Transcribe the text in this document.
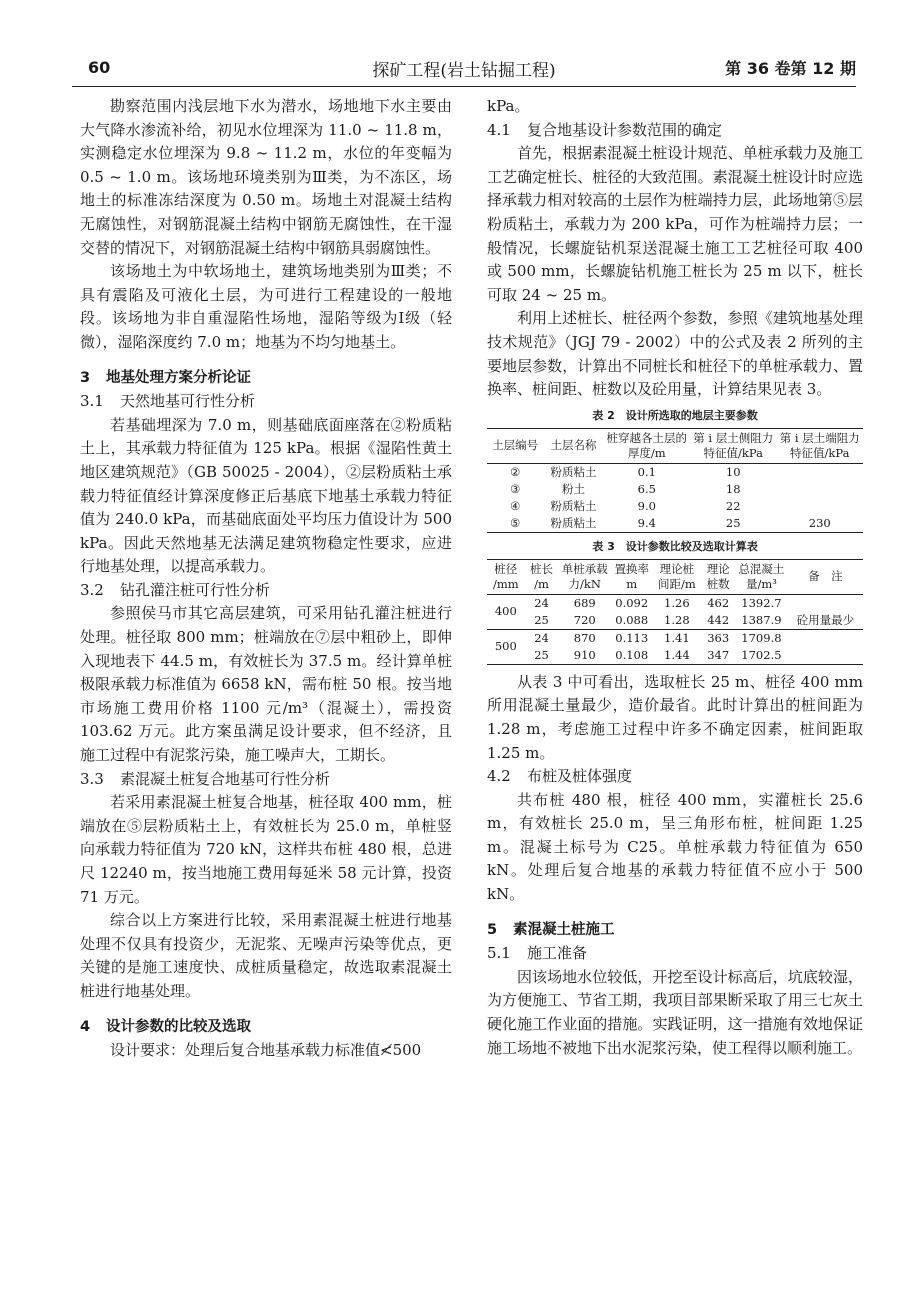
60	探矿工程(岩土钻掘工程)	第 36 卷第 12 期

勘察范围内浅层地下水为潜水，场地地下水主要由大气降水渗流补给，初见水位埋深为 11.0 ~ 11.8 m，实测稳定水位埋深为 9.8 ~ 11.2 m，水位的年变幅为 0.5 ~ 1.0 m。该场地环境类别为Ⅲ类，为不冻区，场地土的标准冻结深度为 0.50 m。场地土对混凝土结构无腐蚀性，对钢筋混凝土结构中钢筋无腐蚀性，在干湿交替的情况下，对钢筋混凝土结构中钢筋具弱腐蚀性。

该场地土为中软场地土，建筑场地类别为Ⅲ类；不具有震陷及可液化土层，为可进行工程建设的一般地段。该场地为非自重湿陷性场地，湿陷等级为Ⅰ级（轻微），湿陷深度约 7.0 m；地基为不均匀地基土。

3 地基处理方案分析论证

3.1 天然地基可行性分析

若基础埋深为 7.0 m，则基础底面座落在②粉质粘土上，其承载力特征值为 125 kPa。根据《湿陷性黄土地区建筑规范》（GB 50025 - 2004），②层粉质粘土承载力特征值经计算深度修正后基底下地基土承载力特征值为 240.0 kPa，而基础底面处平均压力值设计为 500 kPa。因此天然地基无法满足建筑物稳定性要求，应进行地基处理，以提高承载力。

3.2 钻孔灌注桩可行性分析

参照侯马市其它高层建筑，可采用钻孔灌注桩进行处理。桩径取 800 mm；桩端放在⑦层中粗砂上，即伸入现地表下 44.5 m，有效桩长为 37.5 m。经计算单桩极限承载力标准值为 6658 kN，需布桩 50 根。按当地市场施工费用价格 1100 元/m³（混凝土），需投资 103.62 万元。此方案虽满足设计要求，但不经济，且施工过程中有泥浆污染，施工噪声大，工期长。

3.3 素混凝土桩复合地基可行性分析

若采用素混凝土桩复合地基，桩径取 400 mm，桩端放在⑤层粉质粘土上，有效桩长为 25.0 m，单桩竖向承载力特征值为 720 kN，这样共布桩 480 根，总进尺 12240 m，按当地施工费用每延米 58 元计算，投资 71 万元。

综合以上方案进行比较，采用素混凝土桩进行地基处理不仅具有投资少，无泥浆、无噪声污染等优点，更关键的是施工速度快、成桩质量稳定，故选取素混凝土桩进行地基处理。

4 设计参数的比较及选取

设计要求：处理后复合地基承载力标准值≮500

kPa。

4.1 复合地基设计参数范围的确定

首先，根据素混凝土桩设计规范、单桩承载力及施工工艺确定桩长、桩径的大致范围。素混凝土桩设计时应选择承载力相对较高的土层作为桩端持力层，此场地第⑤层粉质粘土，承载力为 200 kPa，可作为桩端持力层；一般情况，长螺旋钻机泵送混凝土施工工艺桩径可取 400 或 500 mm，长螺旋钻机施工桩长为 25 m 以下，桩长可取 24 ~ 25 m。

利用上述桩长、桩径两个参数，参照《建筑地基处理技术规范》（JGJ 79 - 2002）中的公式及表 2 所列的主要地层参数，计算出不同桩长和桩径下的单桩承载力、置换率、桩间距、桩数以及砼用量，计算结果见表 3。

表 2　设计所选取的地层主要参数
土层编号	土层名称	桩穿越各土层的厚度/m	第 i 层土侧阻力特征值/kPa	第 i 层土端阻力特征值/kPa
②	粉质粘土	0.1	10	
③	粉土	6.5	18	
④	粉质粘土	9.0	22	
⑤	粉质粘土	9.4	25	230
表 3　设计参数比较及选取计算表
桩径 /mm	桩长 /m	单桩承载力/kN	置换率 m	理论桩间距/m	理论桩数	总混凝土量/m³	备　注
400	24	689	0.092	1.26	462	1392.7	
	25	720	0.088	1.28	442	1387.9	砼用量最少
500	24	870	0.113	1.41	363	1709.8	
	25	910	0.108	1.44	347	1702.5	

从表 3 中可看出，选取桩长 25 m、桩径 400 mm 所用混凝土量最少，造价最省。此时计算出的桩间距为 1.28 m，考虑施工过程中许多不确定因素，桩间距取 1.25 m。

4.2 布桩及桩体强度

共布桩 480 根，桩径 400 mm，实灌桩长 25.6 m，有效桩长 25.0 m，呈三角形布桩，桩间距 1.25 m。混凝土标号为 C25。单桩承载力特征值为 650 kN。处理后复合地基的承载力特征值不应小于 500 kN。

5 素混凝土桩施工

5.1 施工准备

因该场地水位较低，开挖至设计标高后，坑底较湿，为方便施工、节省工期，我项目部果断采取了用三七灰土硬化施工作业面的措施。实践证明，这一措施有效地保证施工场地不被地下出水泥浆污染，使工程得以顺利施工。
